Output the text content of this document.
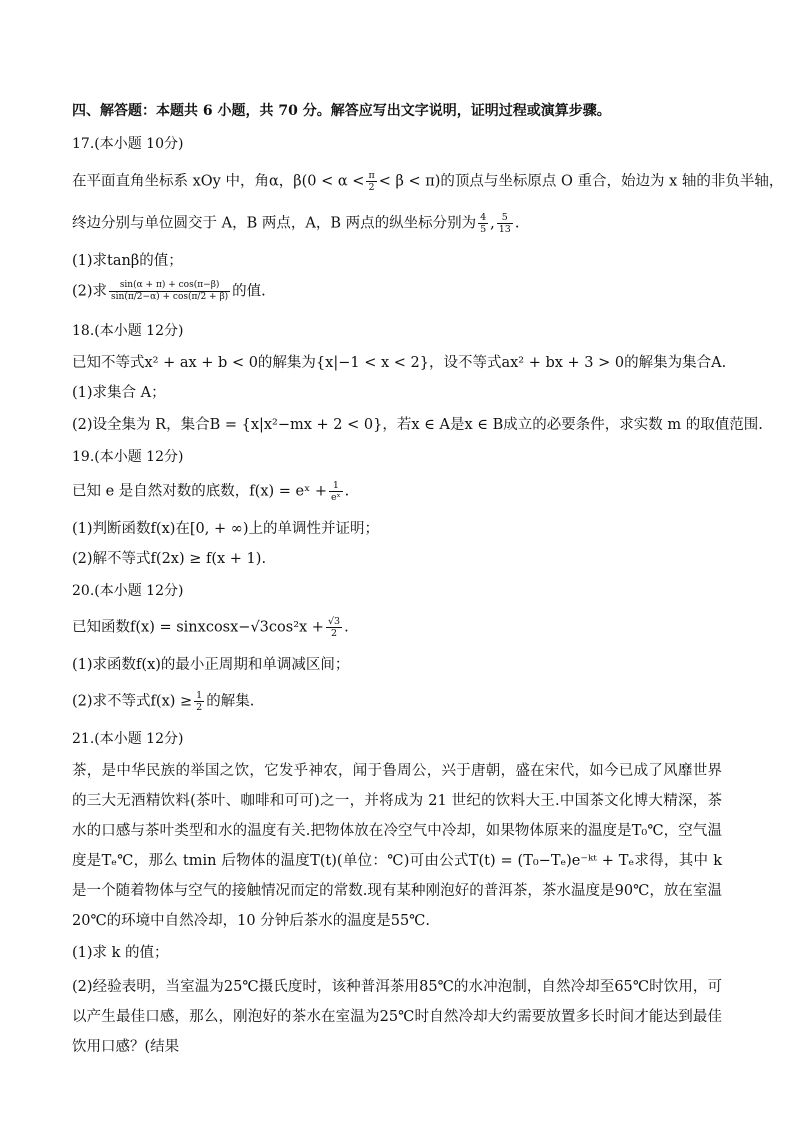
四、解答题：本题共 6 小题，共 70 分。解答应写出文字说明，证明过程或演算步骤。
17.(本小题 10分)
在平面直角坐标系 xOy 中，角α，$\beta(0 < \alpha < \frac{\pi}{2} < \beta < \pi)$的顶点与坐标原点 O 重合，始边为 x 轴的非负半轴，
终边分别与单位圆交于 A，B 两点，A，B 两点的纵坐标分别为 $\frac{4}{5}$ , $\frac{5}{13}$ .
(1)求tanβ的值；
(2)求 $\frac{\sin(\alpha + \pi) + \cos(\pi-\beta)}{\sin(\pi/2-\alpha) + \cos(\pi/2 + \beta)}$ 的值.
18.(本小题 12分)
已知不等式x² + ax + b < 0的解集为{x|−1 < x < 2}，设不等式ax² + bx + 3 > 0的解集为集合A.
(1)求集合 A；
(2)设全集为 R，集合B = {x|x²−mx + 2 < 0}，若x ∈ A是x ∈ B成立的必要条件，求实数 m 的取值范围.
19.(本小题 12分)
已知 e 是自然对数的底数，f(x) = eˣ + $\frac{1}{\text{eˣ}}$ .
(1)判断函数f(x)在[0, + ∞)上的单调性并证明；
(2)解不等式f(2x) ≥ f(x + 1).
20.(本小题 12分)
已知函数f(x) = sinxcosx−√3cos²x + $\frac{√3}{2}$ .
(1)求函数f(x)的最小正周期和单调减区间；
(2)求不等式$f(x) \ge \frac{1}{2}$ 的解集.
21.(本小题 12分)
茶，是中华民族的举国之饮，它发乎神农，闻于鲁周公，兴于唐朝，盛在宋代，如今已成了风靡世界的三大无酒精饮料(茶叶、咖啡和可可)之一，并将成为 21 世纪的饮料大王.中国茶文化博大精深，茶水的口感与茶叶类型和水的温度有关.把物体放在冷空气中冷却，如果物体原来的温度是T₀℃，空气温度是Tₑ℃，那么 tmin 后物体的温度T(t)(单位：℃)可由公式T(t) = (T₀−Tₑ)e⁻ᵏᵗ + Tₑ求得，其中 k 是一个随着物体与空气的接触情况而定的常数.现有某种刚泡好的普洱茶，茶水温度是90℃，放在室温20℃的环境中自然冷却，10 分钟后茶水的温度是55℃.
(1)求 k 的值；
(2)经验表明，当室温为25℃摄氏度时，该种普洱茶用85℃的水冲泡制，自然冷却至65℃时饮用，可以产生最佳口感，那么，刚泡好的茶水在室温为25℃时自然冷却大约需要放置多长时间才能达到最佳饮用口感？(结果
